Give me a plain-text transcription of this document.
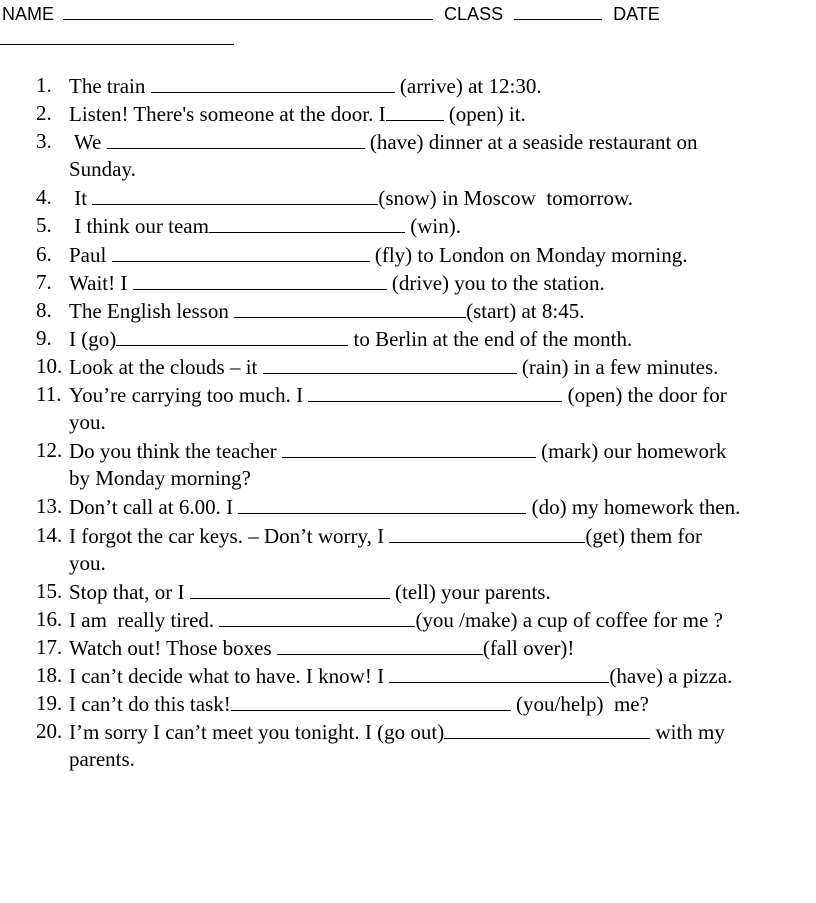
NAME	CLASS	DATE
1. The train	(arrive) at 12:30.
2. Listen! There's someone at the door. I	(open) it.
3. We	(have) dinner at a seaside restaurant on
Sunday.
4. It	(snow) in Moscow  tomorrow.
5. I think our team	(win).
6. Paul	(fly) to London on Monday morning.
7. Wait! I	(drive) you to the station.
8. The English lesson	(start) at 8:45.
9. I (go)	to Berlin at the end of the month.
10. Look at the clouds – it	(rain) in a few minutes.
11. You’re carrying too much. I	(open) the door for
you.
12. Do you think the teacher	(mark) our homework
by Monday morning?
13. Don’t call at 6.00. I	(do) my homework then.
14. I forgot the car keys. – Don’t worry, I	(get) them for
you.
15. Stop that, or I	(tell) your parents.
16. I am  really tired.	(you /make) a cup of coffee for me ?
17. Watch out! Those boxes	(fall over)!
18. I can’t decide what to have. I know! I	(have) a pizza.
19. I can’t do this task!	(you/help)  me?
20. I’m sorry I can’t meet you tonight. I (go out)	with my
parents.
